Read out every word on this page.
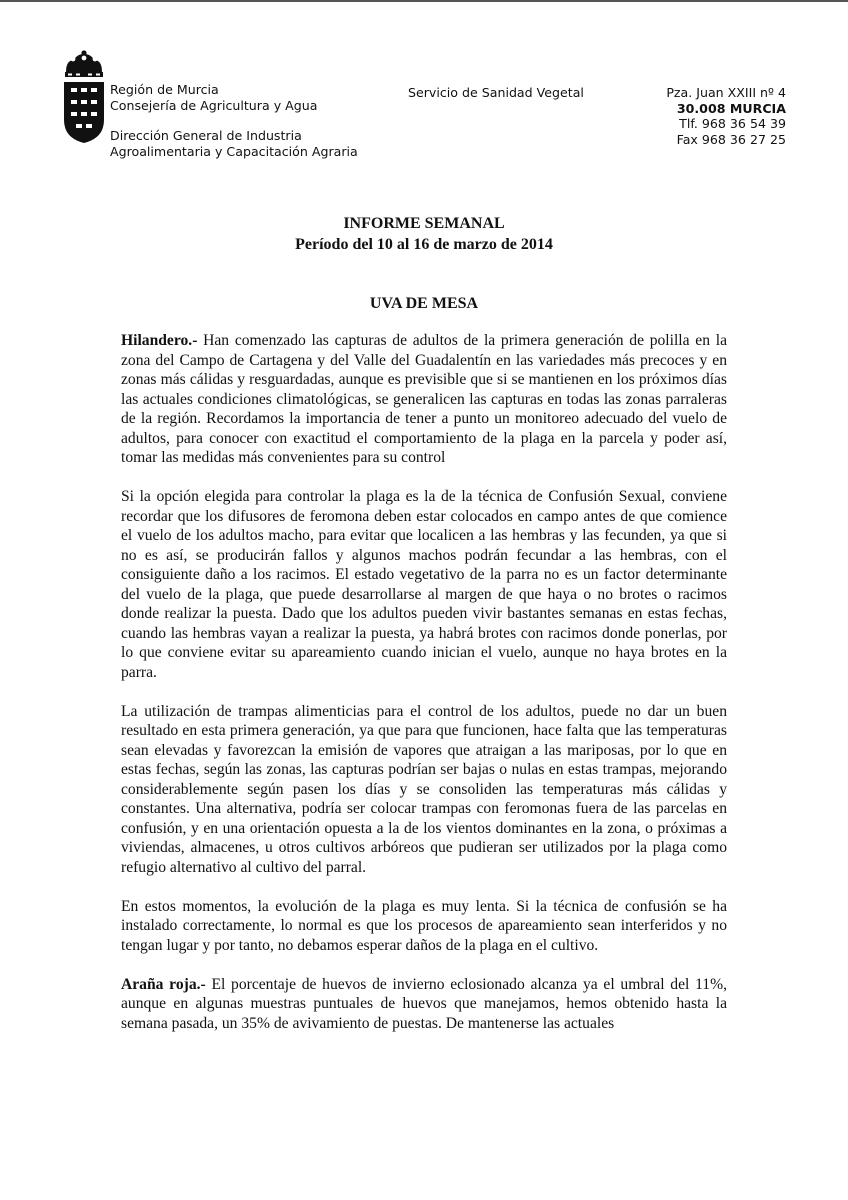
Región de Murcia
Consejería de Agricultura y Agua
Dirección General de Industria
Agroalimentaria y Capacitación Agraria
Servicio de Sanidad Vegetal	Pza. Juan XXIII nº 4
30.008 MURCIA
Tlf. 968 36 54 39
Fax 968 36 27 25
INFORME SEMANAL
Período del 10 al 16 de marzo de 2014
UVA DE MESA

Hilandero.- Han comenzado las capturas de adultos de la primera generación de polilla en la zona del Campo de Cartagena y del Valle del Guadalentín en las variedades más precoces y en zonas más cálidas y resguardadas, aunque es previsible que si se mantienen en los próximos días las actuales condiciones climatológicas, se generalicen las capturas en todas las zonas parraleras de la región. Recordamos la importancia de tener a punto un monitoreo adecuado del vuelo de adultos, para conocer con exactitud el comportamiento de la plaga en la parcela y poder así, tomar las medidas más convenientes para su control

Si la opción elegida para controlar la plaga es la de la técnica de Confusión Sexual, conviene recordar que los difusores de feromona deben estar colocados en campo antes de que comience el vuelo de los adultos macho, para evitar que localicen a las hembras y las fecunden, ya que si no es así, se producirán fallos y algunos machos podrán fecundar a las hembras, con el consiguiente daño a los racimos. El estado vegetativo de la parra no es un factor determinante del vuelo de la plaga, que puede desarrollarse al margen de que haya o no brotes o racimos donde realizar la puesta. Dado que los adultos pueden vivir bastantes semanas en estas fechas, cuando las hembras vayan a realizar la puesta, ya habrá brotes con racimos donde ponerlas, por lo que conviene evitar su apareamiento cuando inician el vuelo, aunque no haya brotes en la parra.

La utilización de trampas alimenticias para el control de los adultos, puede no dar un buen resultado en esta primera generación, ya que para que funcionen, hace falta que las temperaturas sean elevadas y favorezcan la emisión de vapores que atraigan a las mariposas, por lo que en estas fechas, según las zonas, las capturas podrían ser bajas o nulas en estas trampas, mejorando considerablemente según pasen los días y se consoliden las temperaturas más cálidas y constantes. Una alternativa, podría ser colocar trampas con feromonas fuera de las parcelas en confusión, y en una orientación opuesta a la de los vientos dominantes en la zona, o próximas a viviendas, almacenes, u otros cultivos arbóreos que pudieran ser utilizados por la plaga como refugio alternativo al cultivo del parral.

En estos momentos, la evolución de la plaga es muy lenta. Si la técnica de confusión se ha instalado correctamente, lo normal es que los procesos de apareamiento sean interferidos y no tengan lugar y por tanto, no debamos esperar daños de la plaga en el cultivo.

Araña roja.- El porcentaje de huevos de invierno eclosionado alcanza ya el umbral del 11%, aunque en algunas muestras puntuales de huevos que manejamos, hemos obtenido hasta la semana pasada, un 35% de avivamiento de puestas. De mantenerse las actuales
